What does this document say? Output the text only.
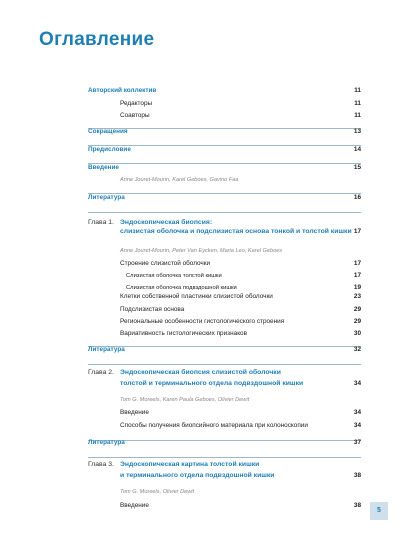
Оглавление
Авторский коллектив	11
Редакторы	11
Соавторы	11
Сокращения	13
Предисловие	14
Введение	15
Anne Jouret-Mourin, Karel Geboes, Gavino Faa
Литература	16
Глава 1. Эндоскопическая биопсия:
слизистая оболочка и подслизистая основа тонкой и толстой кишки 17
Anne Jouret-Mourin, Peter Van Eycken, Maria Leo, Karel Geboes
Строение слизистой оболочки	17
Слизистая оболочка толстой кишки	17
Слизистая оболочка подвздошной кишки	19
Клетки собственной пластинки слизистой оболочки	23
Подслизистая основа	29
Региональные особенности гистологического строения	29
Вариативность гистологических признаков	30
Литература	32
Глава 2. Эндоскопическая биопсия слизистой оболочки
толстой и терминального отдела подвздошной кишки	34
Tom G. Moreels, Karen Paula Geboes, Olivier Dewit
Введение	34
Способы получения биопсийного материала при колоноскопии	34
Литература	37
Глава 3. Эндоскопическая картина толстой кишки
и терминального отдела подвздошной кишки	38
Tom G. Moreels, Olivier Dewit
Введение	38
5
